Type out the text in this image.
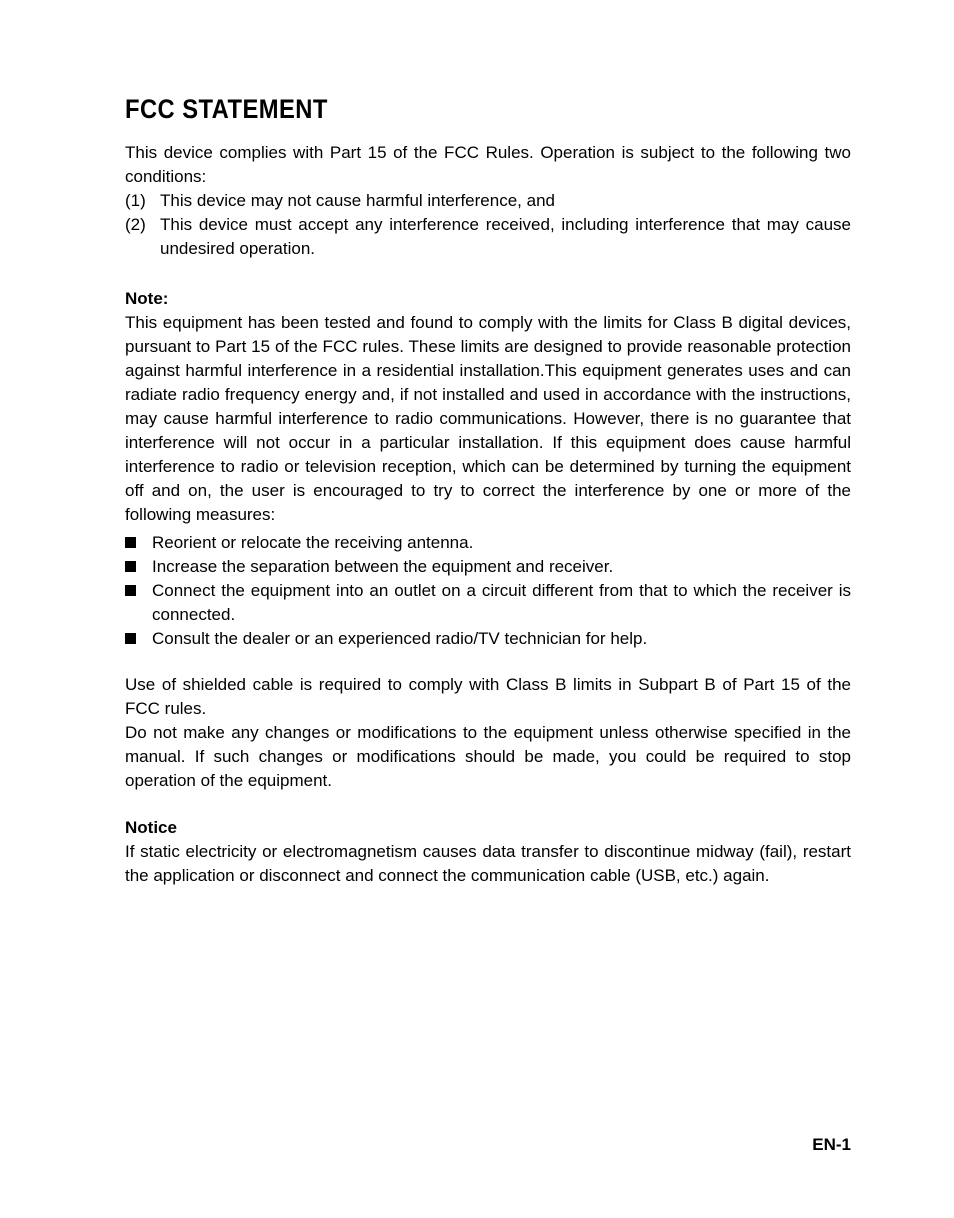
FCC STATEMENT

This device complies with Part 15 of the FCC Rules. Operation is subject to the following two conditions:

(1) This device may not cause harmful interference, and
(2) This device must accept any interference received, including interference that may cause undesired operation.

Note:

This equipment has been tested and found to comply with the limits for Class B digital devices, pursuant to Part 15 of the FCC rules. These limits are designed to provide reasonable protection against harmful interference in a residential installation.This equipment generates uses and can radiate radio frequency energy and, if not installed and used in accordance with the instructions, may cause harmful interference to radio communications. However, there is no guarantee that interference will not occur in a particular installation. If this equipment does cause harmful interference to radio or television reception, which can be determined by turning the equipment off and on, the user is encouraged to try to correct the interference by one or more of the following measures:

Reorient or relocate the receiving antenna.
Increase the separation between the equipment and receiver.
Connect the equipment into an outlet on a circuit different from that to which the receiver is connected.
Consult the dealer or an experienced radio/TV technician for help.

Use of shielded cable is required to comply with Class B limits in Subpart B of Part 15 of the FCC rules.

Do not make any changes or modifications to the equipment unless otherwise specified in the manual. If such changes or modifications should be made, you could be required to stop operation of the equipment.

Notice

If static electricity or electromagnetism causes data transfer to discontinue midway (fail), restart the application or disconnect and connect the communication cable (USB, etc.) again.

EN-1
